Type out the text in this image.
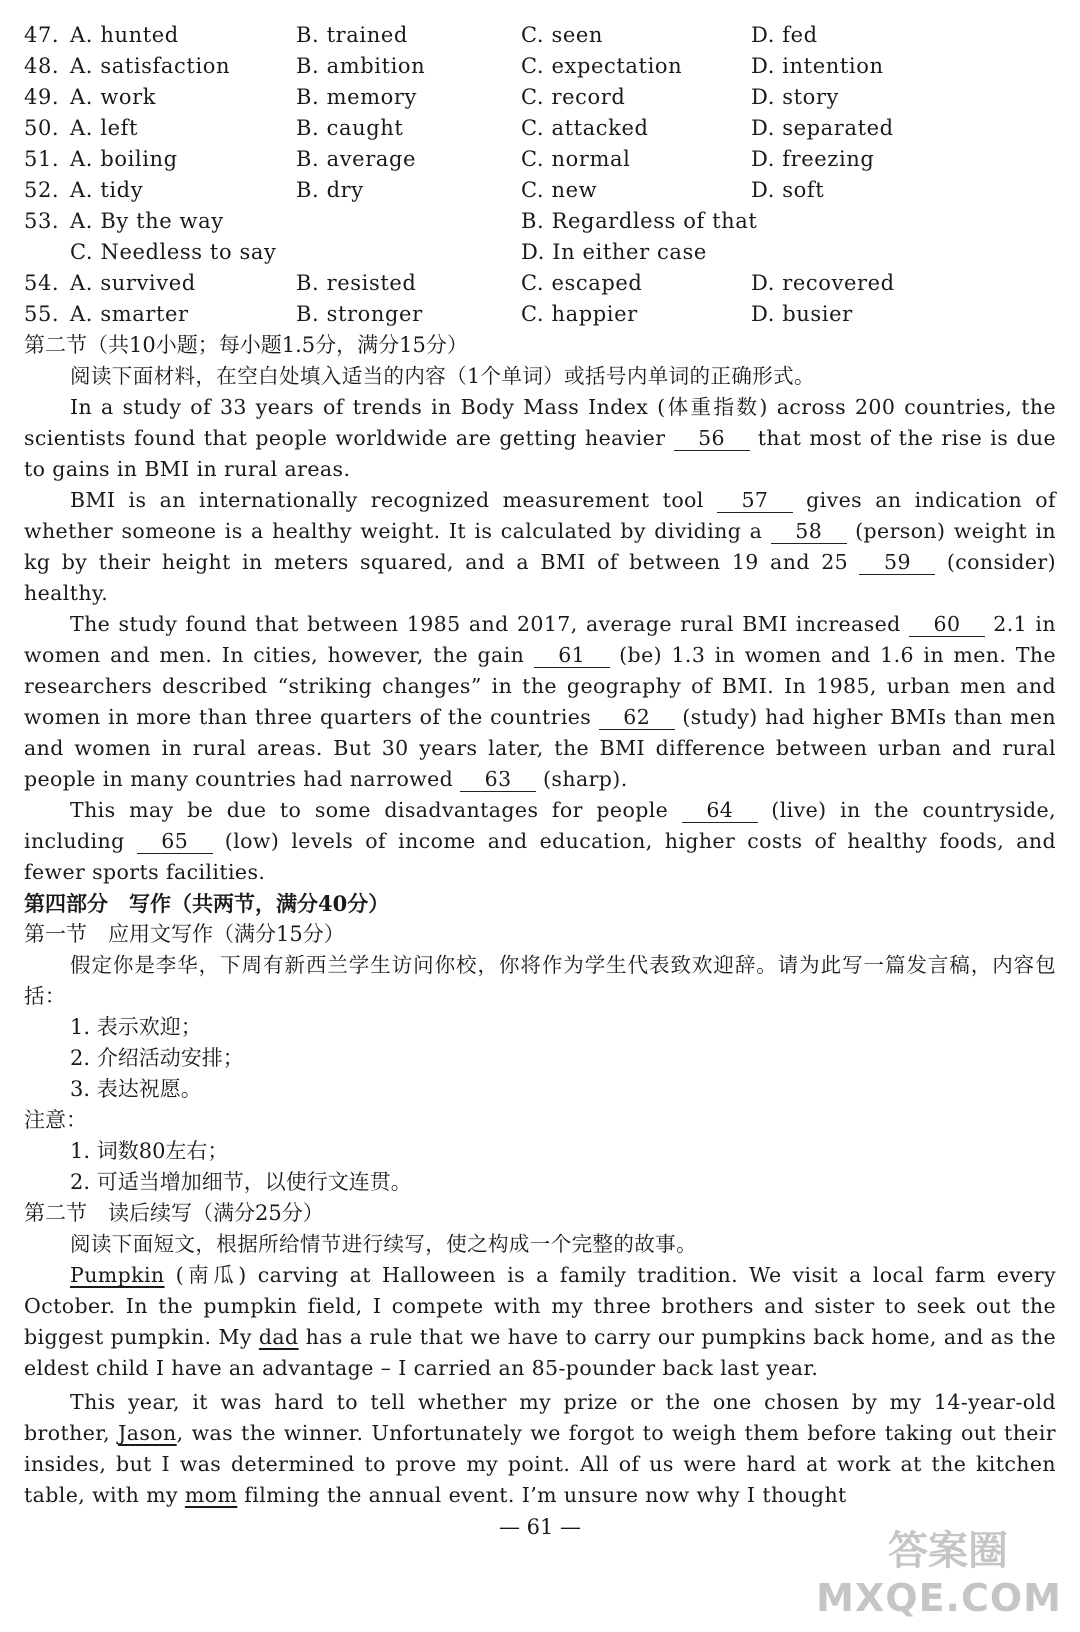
47. A. hunted	B. trained	C. seen	D. fed
48. A. satisfaction	B. ambition	C. expectation	D. intention
49. A. work	B. memory	C. record	D. story
50. A. left	B. caught	C. attacked	D. separated
51. A. boiling	B. average	C. normal	D. freezing
52. A. tidy	B. dry	C. new	D. soft
53. A. By the way	B. Regardless of that
C. Needless to say	D. In either case
54. A. survived	B. resisted	C. escaped	D. recovered
55. A. smarter	B. stronger	C. happier	D. busier
第二节（共10小题；每小题1.5分，满分15分）

阅读下面材料，在空白处填入适当的内容（1个单词）或括号内单词的正确形式。

In a study of 33 years of trends in Body Mass Index (体重指数) across 200 countries, the scientists found that people worldwide are getting heavier 56 that most of the rise is due to gains in BMI in rural areas.

BMI is an internationally recognized measurement tool 57 gives an indication of whether someone is a healthy weight. It is calculated by dividing a 58 (person) weight in kg by their height in meters squared, and a BMI of between 19 and 25 59 (consider) healthy.

The study found that between 1985 and 2017, average rural BMI increased 60 2.1 in women and men. In cities, however, the gain 61 (be) 1.3 in women and 1.6 in men. The researchers described “striking changes” in the geography of BMI. In 1985, urban men and women in more than three quarters of the countries 62 (study) had higher BMIs than men and women in rural areas. But 30 years later, the BMI difference between urban and rural people in many countries had narrowed 63 (sharp).

This may be due to some disadvantages for people 64 (live) in the countryside, including 65 (low) levels of income and education, higher costs of healthy foods, and fewer sports facilities.

第四部分　写作（共两节，满分40分）
第一节　应用文写作（满分15分）

假定你是李华，下周有新西兰学生访问你校，你将作为学生代表致欢迎辞。请为此写一篇发言稿，内容包括：

1. 表示欢迎；
2. 介绍活动安排；
3. 表达祝愿。
注意：
1. 词数80左右；
2. 可适当增加细节，以使行文连贯。
第二节　读后续写（满分25分）

阅读下面短文，根据所给情节进行续写，使之构成一个完整的故事。

Pumpkin (南瓜) carving at Halloween is a family tradition. We visit a local farm every October. In the pumpkin field, I compete with my three brothers and sister to seek out the biggest pumpkin. My dad has a rule that we have to carry our pumpkins back home, and as the eldest child I have an advantage – I carried an 85-pounder back last year.

This year, it was hard to tell whether my prize or the one chosen by my 14-year-old brother, Jason, was the winner. Unfortunately we forgot to weigh them before taking out their insides, but I was determined to prove my point. All of us were hard at work at the kitchen table, with my mom filming the annual event. I’m unsure now why I thought

— 61 —
答案圈
MXQE.COM
